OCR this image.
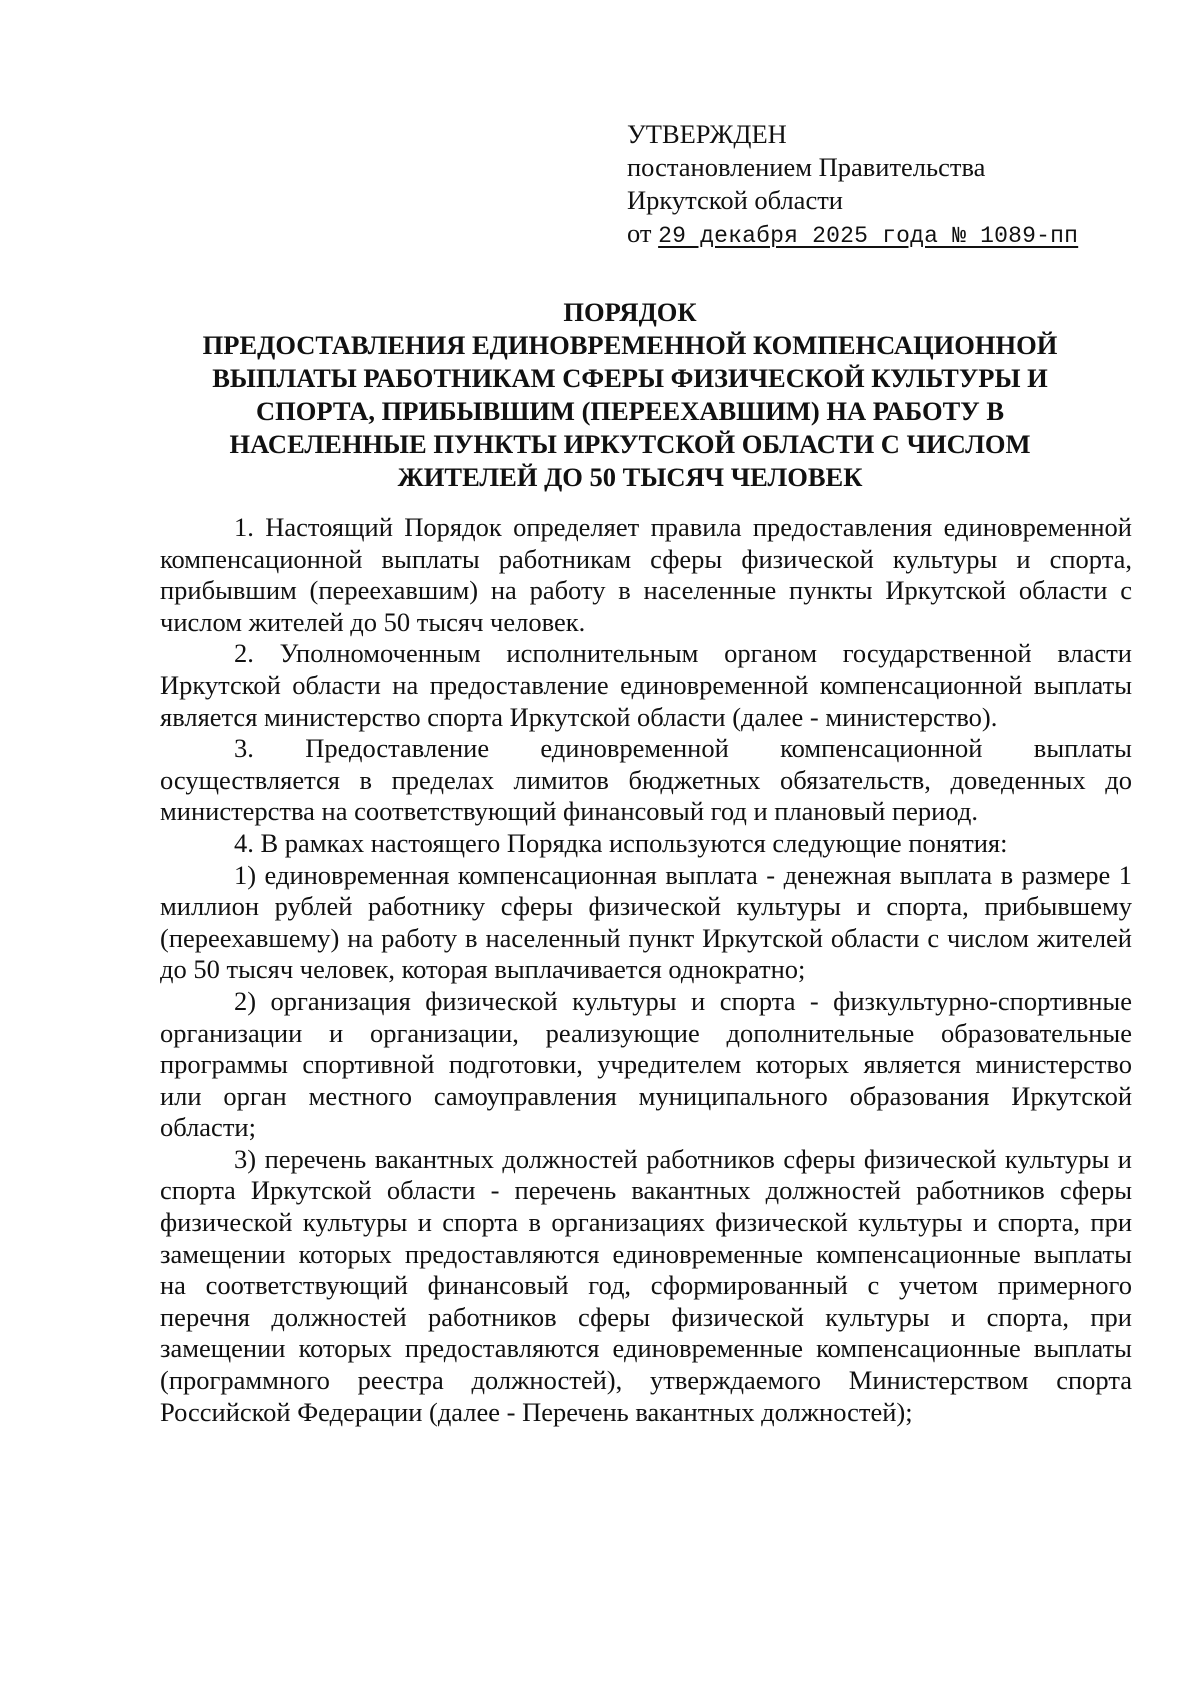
УТВЕРЖДЕН
постановлением Правительства
Иркутской области
от 29 декабря 2025 года № 1089-пп
ПОРЯДОК
ПРЕДОСТАВЛЕНИЯ ЕДИНОВРЕМЕННОЙ КОМПЕНСАЦИОННОЙ
ВЫПЛАТЫ РАБОТНИКАМ СФЕРЫ ФИЗИЧЕСКОЙ КУЛЬТУРЫ И
СПОРТА, ПРИБЫВШИМ (ПЕРЕЕХАВШИМ) НА РАБОТУ В
НАСЕЛЕННЫЕ ПУНКТЫ ИРКУТСКОЙ ОБЛАСТИ С ЧИСЛОМ
ЖИТЕЛЕЙ ДО 50 ТЫСЯЧ ЧЕЛОВЕК

1. Настоящий Порядок определяет правила предоставления единовременной компенсационной выплаты работникам сферы физической культуры и спорта, прибывшим (переехавшим) на работу в населенные пункты Иркутской области с числом жителей до 50 тысяч человек.

2. Уполномоченным исполнительным органом государственной власти Иркутской области на предоставление единовременной компенсационной выплаты является министерство спорта Иркутской области (далее - министерство).

3. Предоставление единовременной компенсационной выплаты осуществляется в пределах лимитов бюджетных обязательств, доведенных до министерства на соответствующий финансовый год и плановый период.

4. В рамках настоящего Порядка используются следующие понятия:

1) единовременная компенсационная выплата - денежная выплата в размере 1 миллион рублей работнику сферы физической культуры и спорта, прибывшему (переехавшему) на работу в населенный пункт Иркутской области с числом жителей до 50 тысяч человек, которая выплачивается однократно;

2) организация физической культуры и спорта - физкультурно-спортивные организации и организации, реализующие дополнительные образовательные программы спортивной подготовки, учредителем которых является министерство или орган местного самоуправления муниципального образования Иркутской области;

3) перечень вакантных должностей работников сферы физической культуры и спорта Иркутской области - перечень вакантных должностей работников сферы физической культуры и спорта в организациях физической культуры и спорта, при замещении которых предоставляются единовременные компенсационные выплаты на соответствующий финансовый год, сформированный с учетом примерного перечня должностей работников сферы физической культуры и спорта, при замещении которых предоставляются единовременные компенсационные выплаты (программного реестра должностей), утверждаемого Министерством спорта Российской Федерации (далее - Перечень вакантных должностей);
